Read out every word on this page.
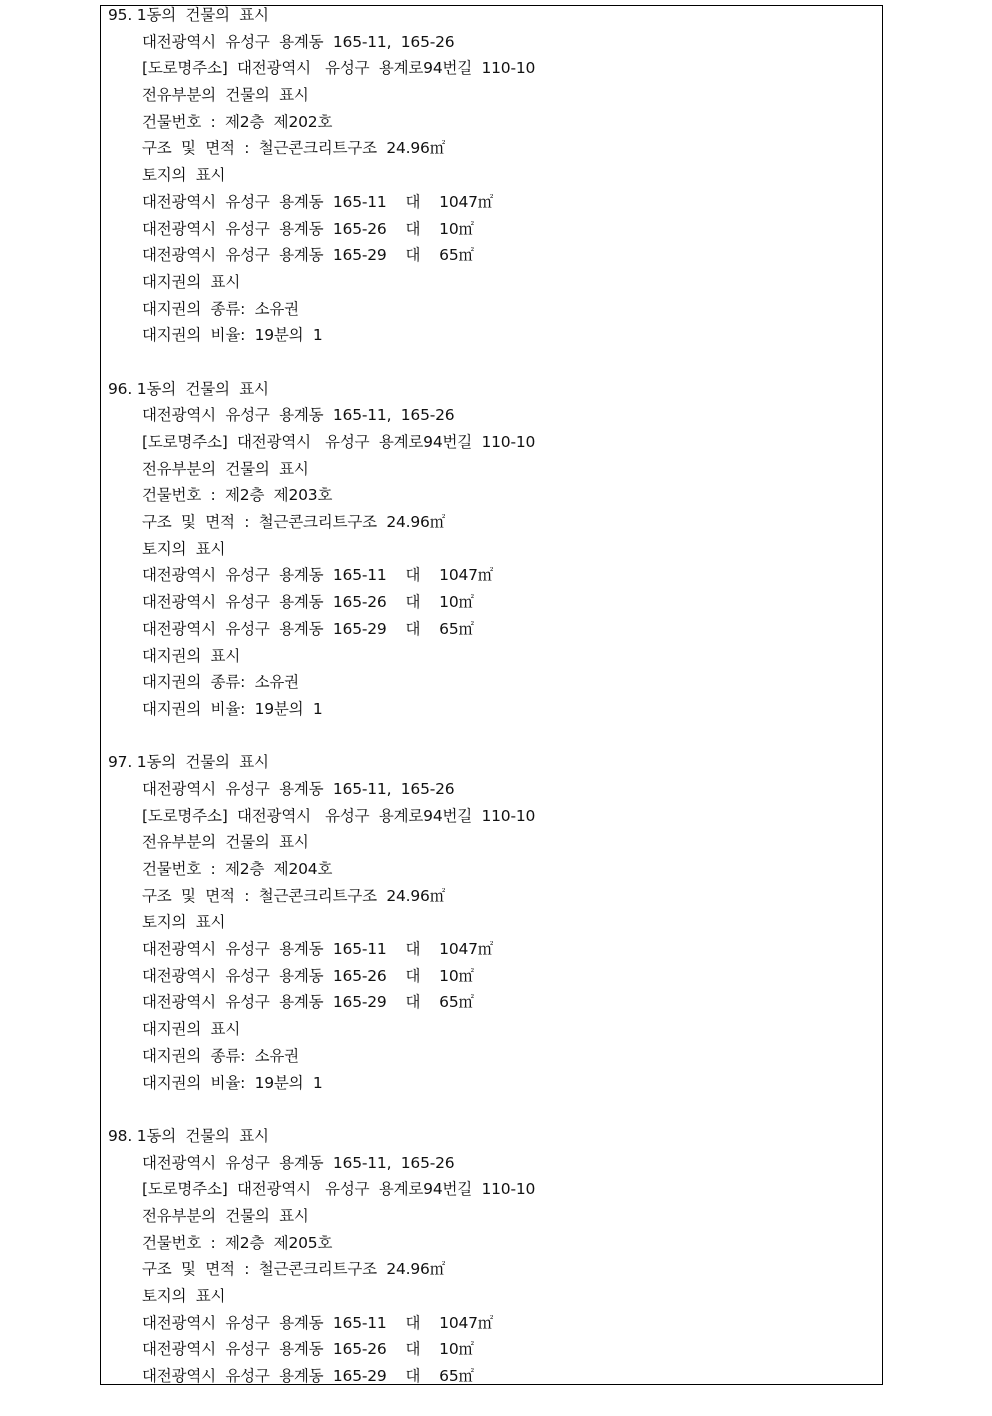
95. 1동의  건물의  표시
대전광역시  유성구  용계동  165-11,  165-26
[도로명주소]  대전광역시   유성구  용계로94번길  110-10
전유부분의  건물의  표시
건물번호  :  제2층  제202호
구조  및  면적  :  철근콘크리트구조  24.96㎡
토지의  표시
대전광역시  유성구  용계동  165-11    대    1047㎡
대전광역시  유성구  용계동  165-26    대    10㎡
대전광역시  유성구  용계동  165-29    대    65㎡
대지권의  표시
대지권의  종류:  소유권
대지권의  비율:  19분의  1
96. 1동의  건물의  표시
대전광역시  유성구  용계동  165-11,  165-26
[도로명주소]  대전광역시   유성구  용계로94번길  110-10
전유부분의  건물의  표시
건물번호  :  제2층  제203호
구조  및  면적  :  철근콘크리트구조  24.96㎡
토지의  표시
대전광역시  유성구  용계동  165-11    대    1047㎡
대전광역시  유성구  용계동  165-26    대    10㎡
대전광역시  유성구  용계동  165-29    대    65㎡
대지권의  표시
대지권의  종류:  소유권
대지권의  비율:  19분의  1
97. 1동의  건물의  표시
대전광역시  유성구  용계동  165-11,  165-26
[도로명주소]  대전광역시   유성구  용계로94번길  110-10
전유부분의  건물의  표시
건물번호  :  제2층  제204호
구조  및  면적  :  철근콘크리트구조  24.96㎡
토지의  표시
대전광역시  유성구  용계동  165-11    대    1047㎡
대전광역시  유성구  용계동  165-26    대    10㎡
대전광역시  유성구  용계동  165-29    대    65㎡
대지권의  표시
대지권의  종류:  소유권
대지권의  비율:  19분의  1
98. 1동의  건물의  표시
대전광역시  유성구  용계동  165-11,  165-26
[도로명주소]  대전광역시   유성구  용계로94번길  110-10
전유부분의  건물의  표시
건물번호  :  제2층  제205호
구조  및  면적  :  철근콘크리트구조  24.96㎡
토지의  표시
대전광역시  유성구  용계동  165-11    대    1047㎡
대전광역시  유성구  용계동  165-26    대    10㎡
대전광역시  유성구  용계동  165-29    대    65㎡
